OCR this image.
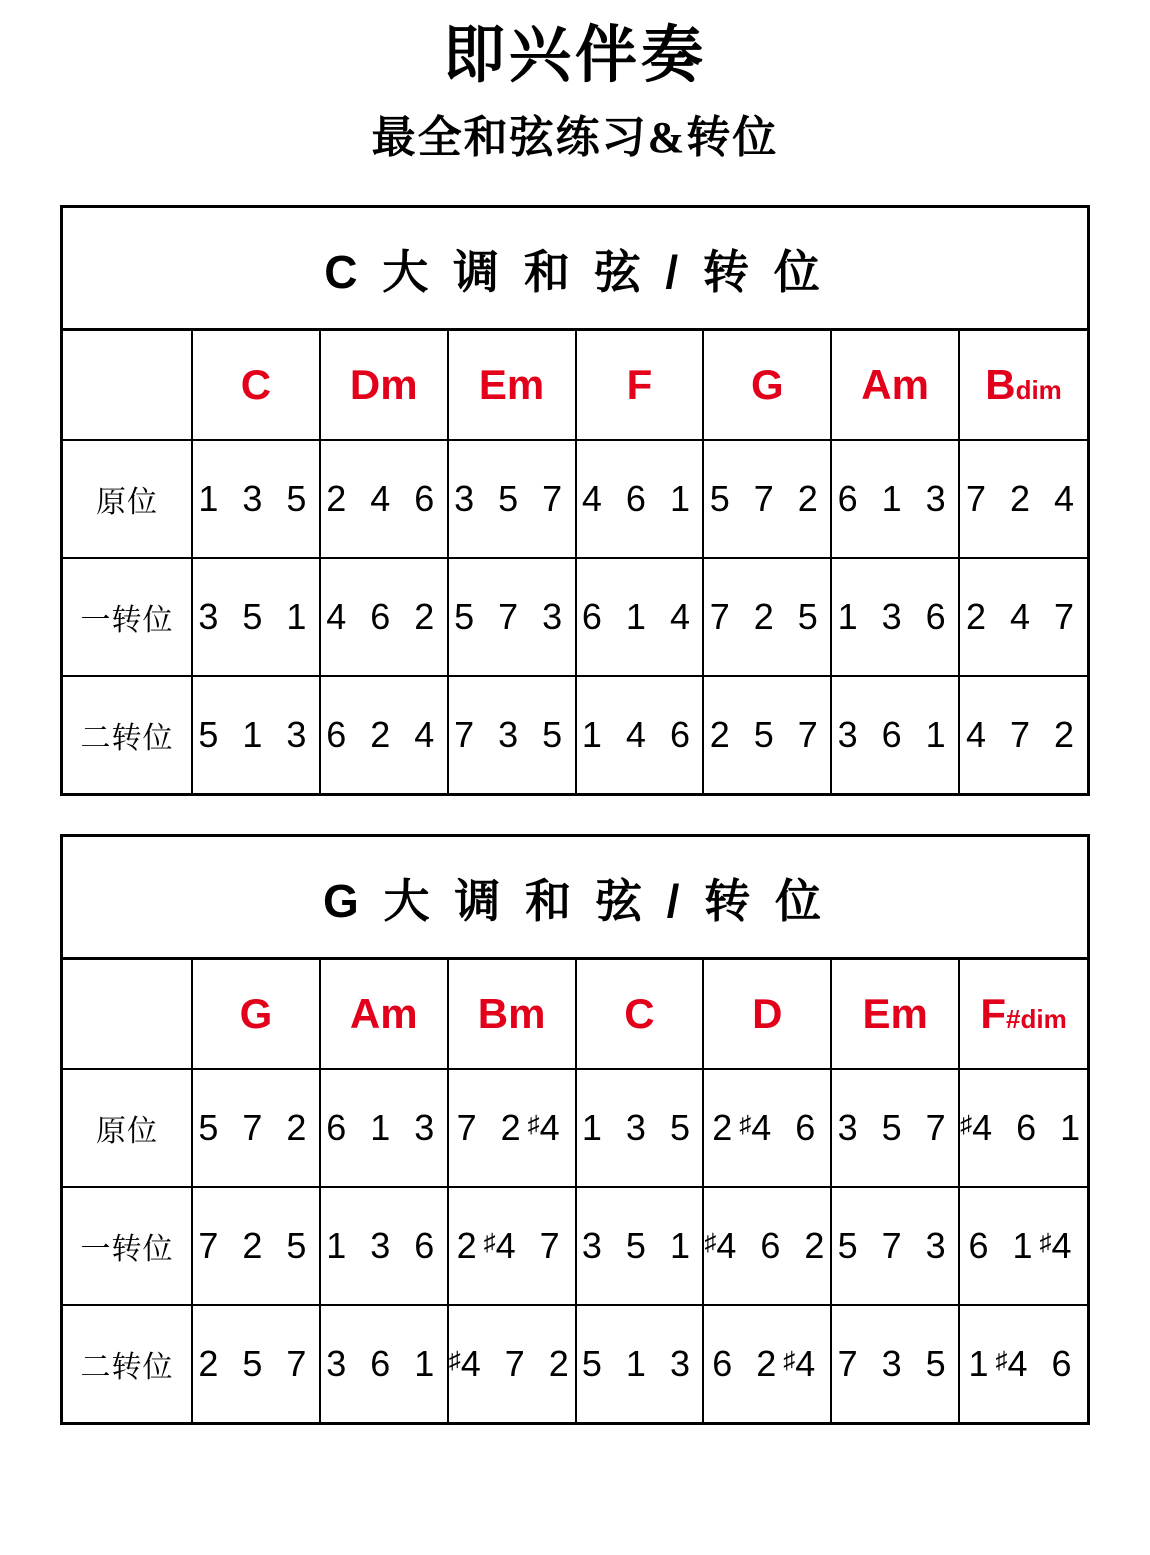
即兴伴奏
最全和弦练习&转位
C 大 调 和 弦 / 转 位
	C	Dm	Em	F	G	Am	Bdim
原位	1 3 5	2 4 6	3 5 7	4 6 1	5 7 2	6 1 3	7 2 4
一转位	3 5 1	4 6 2	5 7 3	6 1 4	7 2 5	1 3 6	2 4 7
二转位	5 1 3	6 2 4	7 3 5	1 4 6	2 5 7	3 6 1	4 7 2
G 大 调 和 弦 / 转 位
	G	Am	Bm	C	D	Em	F#dim
原位	5 7 2	6 1 3	7 2♯4	1 3 5	2♯4 6	3 5 7	♯4 6 1
一转位	7 2 5	1 3 6	2♯4 7	3 5 1	♯4 6 2	5 7 3	6 1♯4
二转位	2 5 7	3 6 1	♯4 7 2	5 1 3	6 2♯4	7 3 5	1♯4 6
